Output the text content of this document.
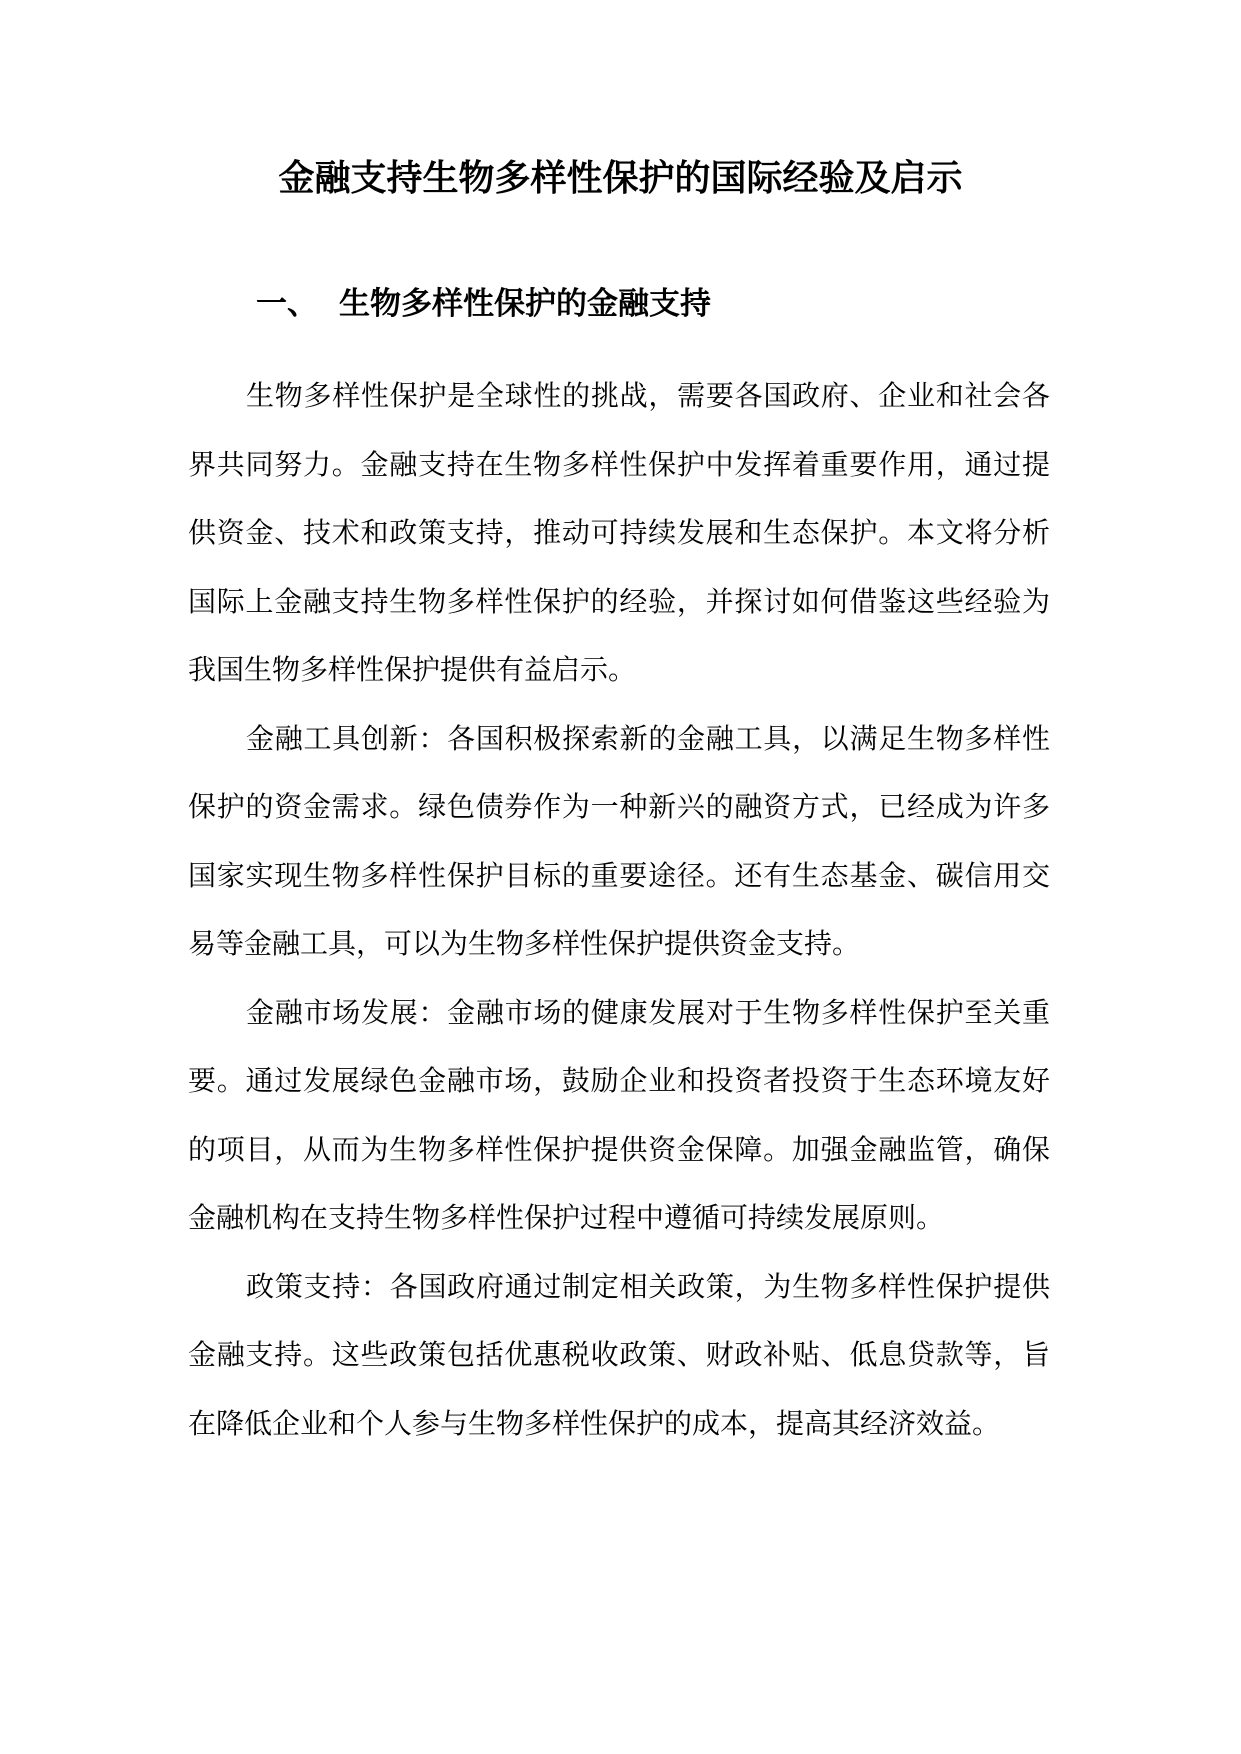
金融支持生物多样性保护的国际经验及启示
一、 生物多样性保护的金融支持

生物多样性保护是全球性的挑战，需要各国政府、企业和社会各界共同努力。金融支持在生物多样性保护中发挥着重要作用，通过提供资金、技术和政策支持，推动可持续发展和生态保护。本文将分析国际上金融支持生物多样性保护的经验，并探讨如何借鉴这些经验为我国生物多样性保护提供有益启示。

金融工具创新：各国积极探索新的金融工具，以满足生物多样性保护的资金需求。绿色债券作为一种新兴的融资方式，已经成为许多国家实现生物多样性保护目标的重要途径。还有生态基金、碳信用交易等金融工具，可以为生物多样性保护提供资金支持。

金融市场发展：金融市场的健康发展对于生物多样性保护至关重要。通过发展绿色金融市场，鼓励企业和投资者投资于生态环境友好的项目，从而为生物多样性保护提供资金保障。加强金融监管，确保金融机构在支持生物多样性保护过程中遵循可持续发展原则。

政策支持：各国政府通过制定相关政策，为生物多样性保护提供金融支持。这些政策包括优惠税收政策、财政补贴、低息贷款等，旨在降低企业和个人参与生物多样性保护的成本，提高其经济效益。
